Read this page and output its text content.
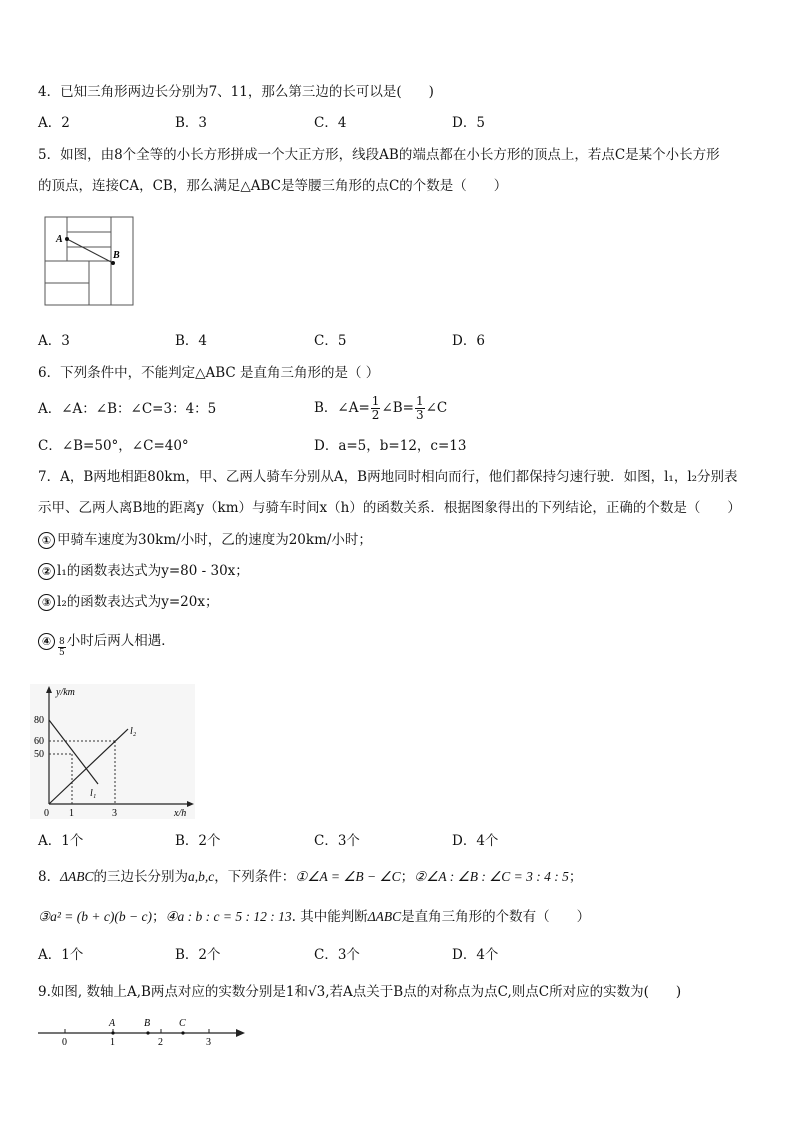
4．已知三角形两边长分别为7、11，那么第三边的长可以是(　　)
A．2	B．3	C．4	D．5
5．如图，由8个全等的小长方形拼成一个大正方形，线段AB的端点都在小长方形的顶点上，若点C是某个小长方形
的顶点，连接CA，CB，那么满足△ABC是等腰三角形的点C的个数是（　　）
A
B
A．3	B．4	C．5	D．6
6．下列条件中，不能判定△ABC 是直角三角形的是（ ）
A．∠A：∠B：∠C=3：4：5	B．∠A= $\frac{1}{2}$ ∠B= $\frac{1}{3}$ ∠C
C．∠B=50°，∠C=40°	D．a=5，b=12，c=13
7．A，B两地相距80km，甲、乙两人骑车分别从A，B两地同时相向而行，他们都保持匀速行驶．如图，l₁，l₂分别表
示甲、乙两人离B地的距离y（km）与骑车时间x（h）的函数关系．根据图象得出的下列结论，正确的个数是（　　）
① 甲骑车速度为30km/小时，乙的速度为20km/小时；
② l₁的函数表达式为y=80 - 30x；
③ l₂的函数表达式为y=20x；
④ $\frac{8}{5}$ 小时后两人相遇．
y/km
x/h
80
60
50
0 1	3
l₁
l₂
A．1个	B．2个	C．3个	D．4个
8．ΔABC的三边长分别为a,b,c，下列条件：①∠A = ∠B − ∠C；②∠A : ∠B : ∠C = 3 : 4 : 5；
③a² = (b + c)(b − c)；④a : b : c = 5 : 12 : 13. 其中能判断ΔABC是直角三角形的个数有（　　）
A．1个	B．2个	C．3个	D．4个
9.如图, 数轴上A,B两点对应的实数分别是1和√3,若A点关于B点的对称点为点C,则点C所对应的实数为(　　)
A	B	C
0	1	2	3
